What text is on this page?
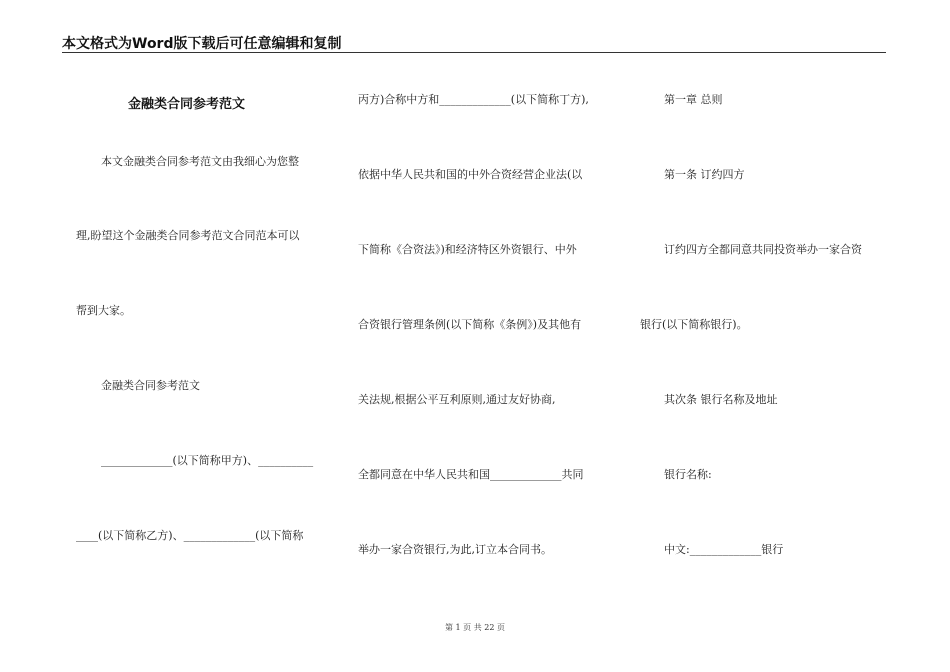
本文格式为Word版下载后可任意编辑和复制
金融类合同参考范文
本文金融类合同参考范文由我细心为您整
理,盼望这个金融类合同参考范文合同范本可以
帮到大家。
金融类合同参考范文
_____________(以下简称甲方)、__________
____(以下简称乙方)、_____________(以下简称
丙方)合称中方和_____________(以下简称丁方),
依据中华人民共和国的中外合资经营企业法(以
下简称《合资法》)和经济特区外资银行、中外
合资银行管理条例(以下简称《条例》)及其他有
关法规,根据公平互利原则,通过友好协商,
全都同意在中华人民共和国_____________共同
举办一家合资银行,为此,订立本合同书。
第一章 总则
第一条 订约四方
订约四方全都同意共同投资举办一家合资
银行(以下简称银行)。
其次条 银行名称及地址
银行名称:
中文:_____________银行
第 1 页 共 22 页
